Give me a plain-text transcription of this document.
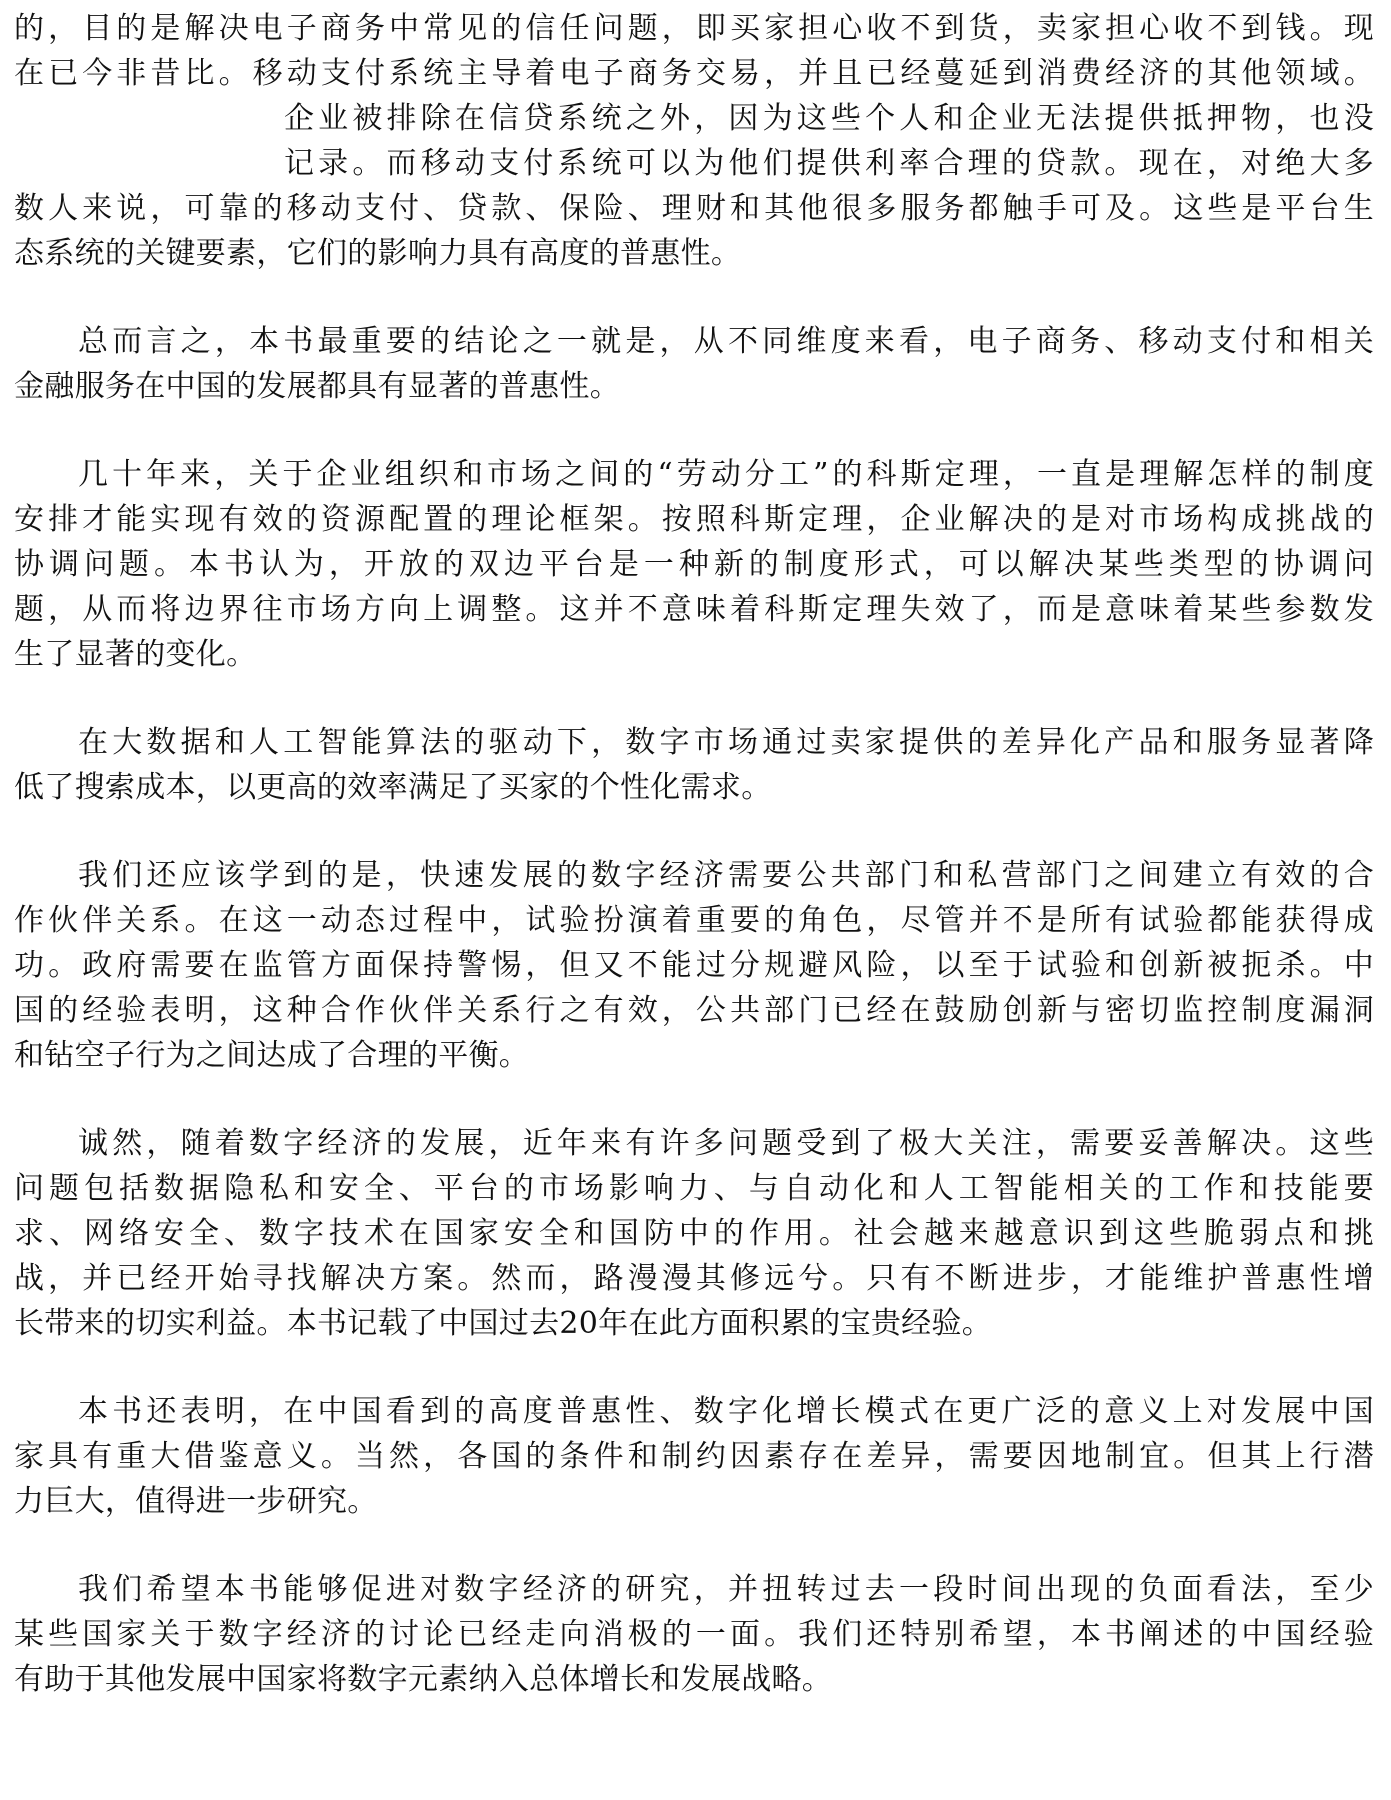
的，目的是解决电子商务中常见的信任问题，即买家担心收不到货，卖家担心收不到钱。现
在已今非昔比。移动支付系统主导着电子商务交易，并且已经蔓延到消费经济的其他领域。
企业被排除在信贷系统之外，因为这些个人和企业无法提供抵押物，也没
记录。而移动支付系统可以为他们提供利率合理的贷款。现在，对绝大多
数人来说，可靠的移动支付、贷款、保险、理财和其他很多服务都触手可及。这些是平台生
态系统的关键要素，它们的影响力具有高度的普惠性。
总而言之，本书最重要的结论之一就是，从不同维度来看，电子商务、移动支付和相关
金融服务在中国的发展都具有显著的普惠性。
几十年来，关于企业组织和市场之间的“劳动分工”的科斯定理，一直是理解怎样的制度
安排才能实现有效的资源配置的理论框架。按照科斯定理，企业解决的是对市场构成挑战的
协调问题。本书认为，开放的双边平台是一种新的制度形式，可以解决某些类型的协调问
题，从而将边界往市场方向上调整。这并不意味着科斯定理失效了，而是意味着某些参数发
生了显著的变化。
在大数据和人工智能算法的驱动下，数字市场通过卖家提供的差异化产品和服务显著降
低了搜索成本，以更高的效率满足了买家的个性化需求。
我们还应该学到的是，快速发展的数字经济需要公共部门和私营部门之间建立有效的合
作伙伴关系。在这一动态过程中，试验扮演着重要的角色，尽管并不是所有试验都能获得成
功。政府需要在监管方面保持警惕，但又不能过分规避风险，以至于试验和创新被扼杀。中
国的经验表明，这种合作伙伴关系行之有效，公共部门已经在鼓励创新与密切监控制度漏洞
和钻空子行为之间达成了合理的平衡。
诚然，随着数字经济的发展，近年来有许多问题受到了极大关注，需要妥善解决。这些
问题包括数据隐私和安全、平台的市场影响力、与自动化和人工智能相关的工作和技能要
求、网络安全、数字技术在国家安全和国防中的作用。社会越来越意识到这些脆弱点和挑
战，并已经开始寻找解决方案。然而，路漫漫其修远兮。只有不断进步，才能维护普惠性增
长带来的切实利益。本书记载了中国过去20年在此方面积累的宝贵经验。
本书还表明，在中国看到的高度普惠性、数字化增长模式在更广泛的意义上对发展中国
家具有重大借鉴意义。当然，各国的条件和制约因素存在差异，需要因地制宜。但其上行潜
力巨大，值得进一步研究。
我们希望本书能够促进对数字经济的研究，并扭转过去一段时间出现的负面看法，至少
某些国家关于数字经济的讨论已经走向消极的一面。我们还特别希望，本书阐述的中国经验
有助于其他发展中国家将数字元素纳入总体增长和发展战略。
